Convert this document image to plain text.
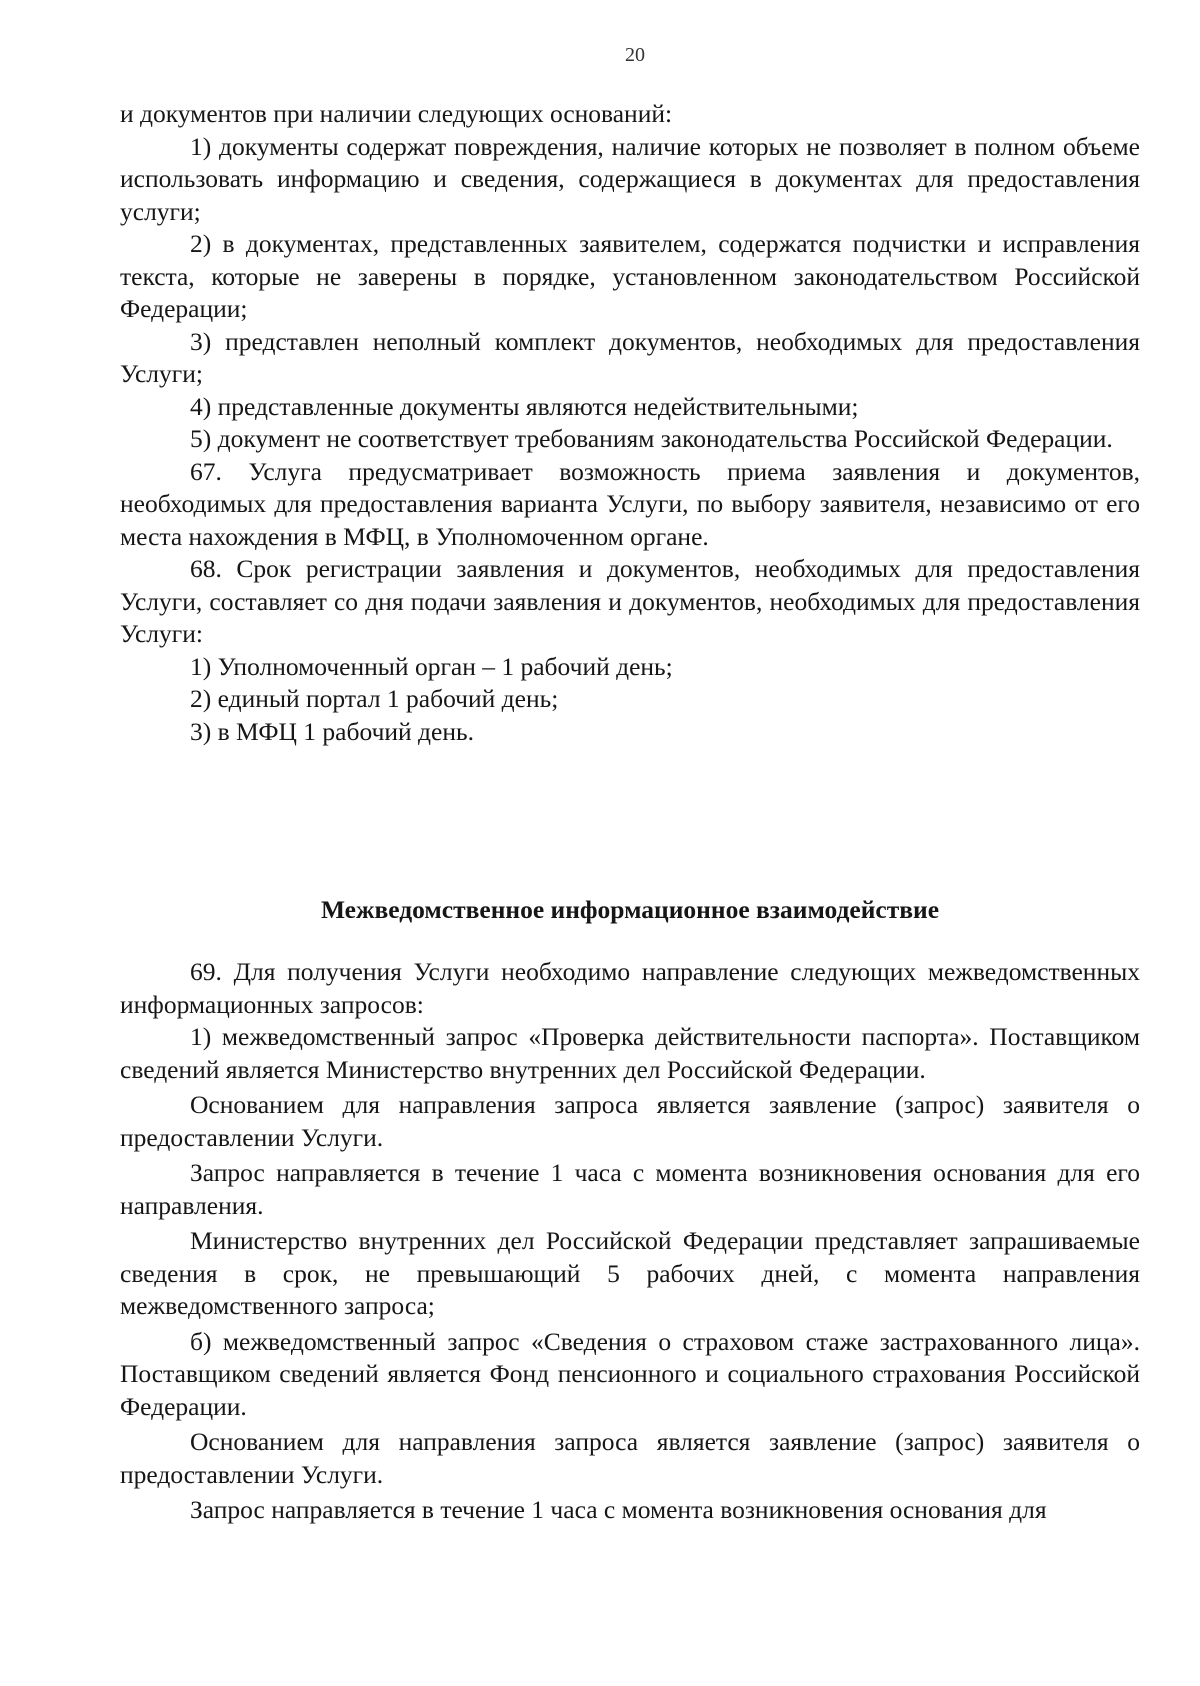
20

и документов при наличии следующих оснований:

1) документы содержат повреждения, наличие которых не позволяет в полном объеме использовать информацию и сведения, содержащиеся в документах для предоставления услуги;

2) в документах, представленных заявителем, содержатся подчистки и исправления текста, которые не заверены в порядке, установленном законодательством Российской Федерации;

3) представлен неполный комплект документов, необходимых для предоставления Услуги;

4) представленные документы являются недействительными;

5) документ не соответствует требованиям законодательства Российской Федерации.

67. Услуга предусматривает возможность приема заявления и документов, необходимых для предоставления варианта Услуги, по выбору заявителя, независимо от его места нахождения в МФЦ, в Уполномоченном органе.

68. Срок регистрации заявления и документов, необходимых для предоставления Услуги, составляет со дня подачи заявления и документов, необходимых для предоставления Услуги:

1) Уполномоченный орган – 1 рабочий день;

2) единый портал 1 рабочий день;

3) в МФЦ 1 рабочий день.

Межведомственное информационное взаимодействие

69. Для получения Услуги необходимо направление следующих межведомственных информационных запросов:

1) межведомственный запрос «Проверка действительности паспорта». Поставщиком сведений является Министерство внутренних дел Российской Федерации.

Основанием для направления запроса является заявление (запрос) заявителя о предоставлении Услуги.

Запрос направляется в течение 1 часа с момента возникновения основания для его направления.

Министерство внутренних дел Российской Федерации представляет запрашиваемые сведения в срок, не превышающий 5 рабочих дней, с момента направления межведомственного запроса;

б) межведомственный запрос «Сведения о страховом стаже застрахованного лица». Поставщиком сведений является Фонд пенсионного и социального страхования Российской Федерации.

Основанием для направления запроса является заявление (запрос) заявителя о предоставлении Услуги.

Запрос направляется в течение 1 часа с момента возникновения основания для
